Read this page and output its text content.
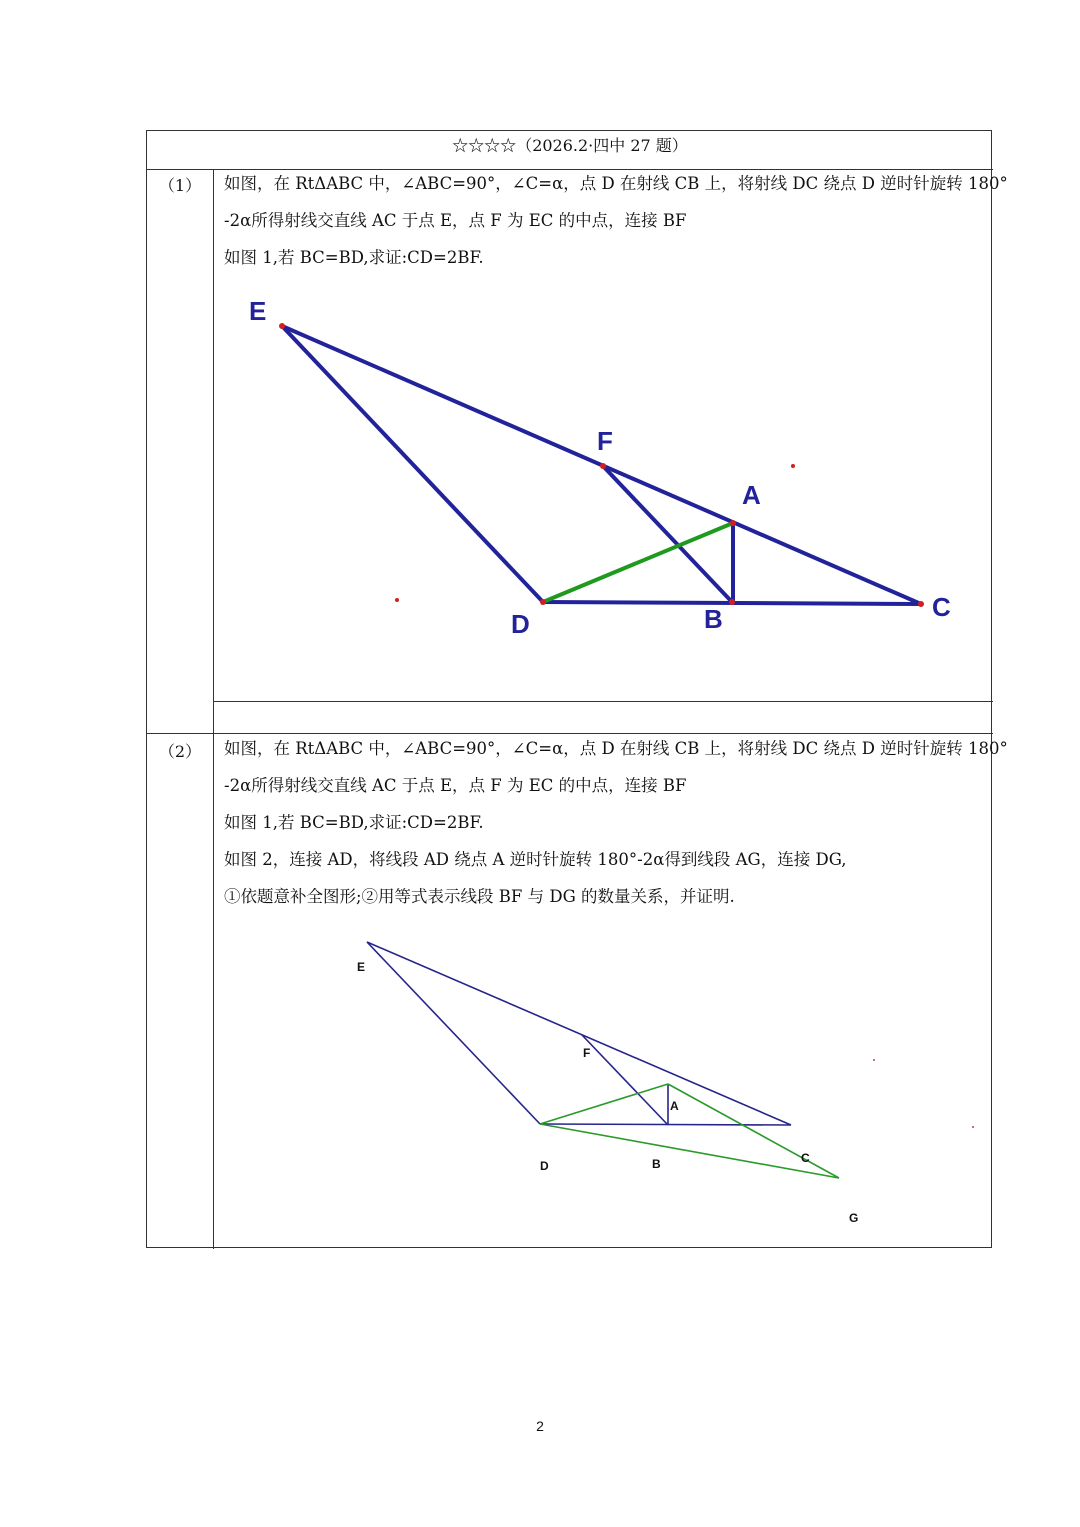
☆☆☆☆（2026.2·四中 27 题）
（1）	如图，在 RtΔABC 中，∠ABC=90°，∠C=α，点 D 在射线 CB 上，将射线 DC 绕点 D 逆时针旋转 180°

-2α所得射线交直线 AC 于点 E，点 F 为 EC 的中点，连接 BF

如图 1,若 BC=BD,求证:CD=2BF.

E
F
A
B	C
D
（2）	如图，在 RtΔABC 中，∠ABC=90°，∠C=α，点 D 在射线 CB 上，将射线 DC 绕点 D 逆时针旋转 180°

-2α所得射线交直线 AC 于点 E，点 F 为 EC 的中点，连接 BF

如图 1,若 BC=BD,求证:CD=2BF.

如图 2，连接 AD，将线段 AD 绕点 A 逆时针旋转 180°-2α得到线段 AG，连接 DG,

①依题意补全图形;②用等式表示线段 BF 与 DG 的数量关系，并证明.

E
F
A
B	C
D
G
2
